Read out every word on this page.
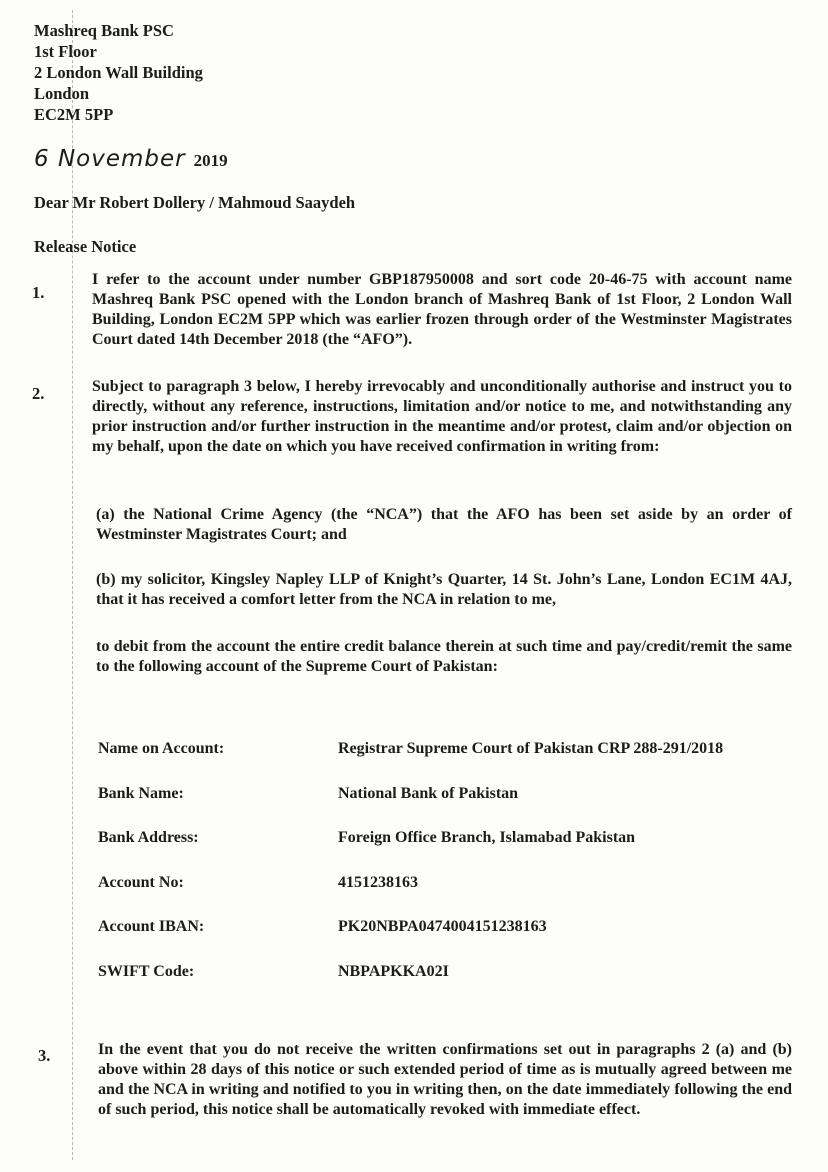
Mashreq Bank PSC
1st Floor
2 London Wall Building
London
EC2M 5PP
6 November 2019
Dear Mr Robert Dollery / Mahmoud Saaydeh
Release Notice
1.
I refer to the account under number GBP187950008 and sort code 20-46-75 with account name Mashreq Bank PSC opened with the London branch of Mashreq Bank of 1st Floor, 2 London Wall Building, London EC2M 5PP which was earlier frozen through order of the Westminster Magistrates Court dated 14th December 2018 (the “AFO”).
2.	Subject to paragraph 3 below, I hereby irrevocably and unconditionally authorise and instruct you to directly, without any reference, instructions, limitation and/or notice to me, and notwithstanding any prior instruction and/or further instruction in the meantime and/or protest, claim and/or objection on my behalf, upon the date on which you have received confirmation in writing from:
(a) the National Crime Agency (the “NCA”) that the AFO has been set aside by an order of Westminster Magistrates Court; and
(b) my solicitor, Kingsley Napley LLP of Knight’s Quarter, 14 St. John’s Lane, London EC1M 4AJ, that it has received a comfort letter from the NCA in relation to me,
to debit from the account the entire credit balance therein at such time and pay/credit/remit the same to the following account of the Supreme Court of Pakistan:
Name on Account:	Registrar Supreme Court of Pakistan CRP 288-291/2018
Bank Name:	National Bank of Pakistan
Bank Address:	Foreign Office Branch, Islamabad Pakistan
Account No:	4151238163
Account IBAN:	PK20NBPA0474004151238163
SWIFT Code:	NBPAPKKA02I
3.	In the event that you do not receive the written confirmations set out in paragraphs 2 (a) and (b) above within 28 days of this notice or such extended period of time as is mutually agreed between me and the NCA in writing and notified to you in writing then, on the date immediately following the end of such period, this notice shall be automatically revoked with immediate effect.
